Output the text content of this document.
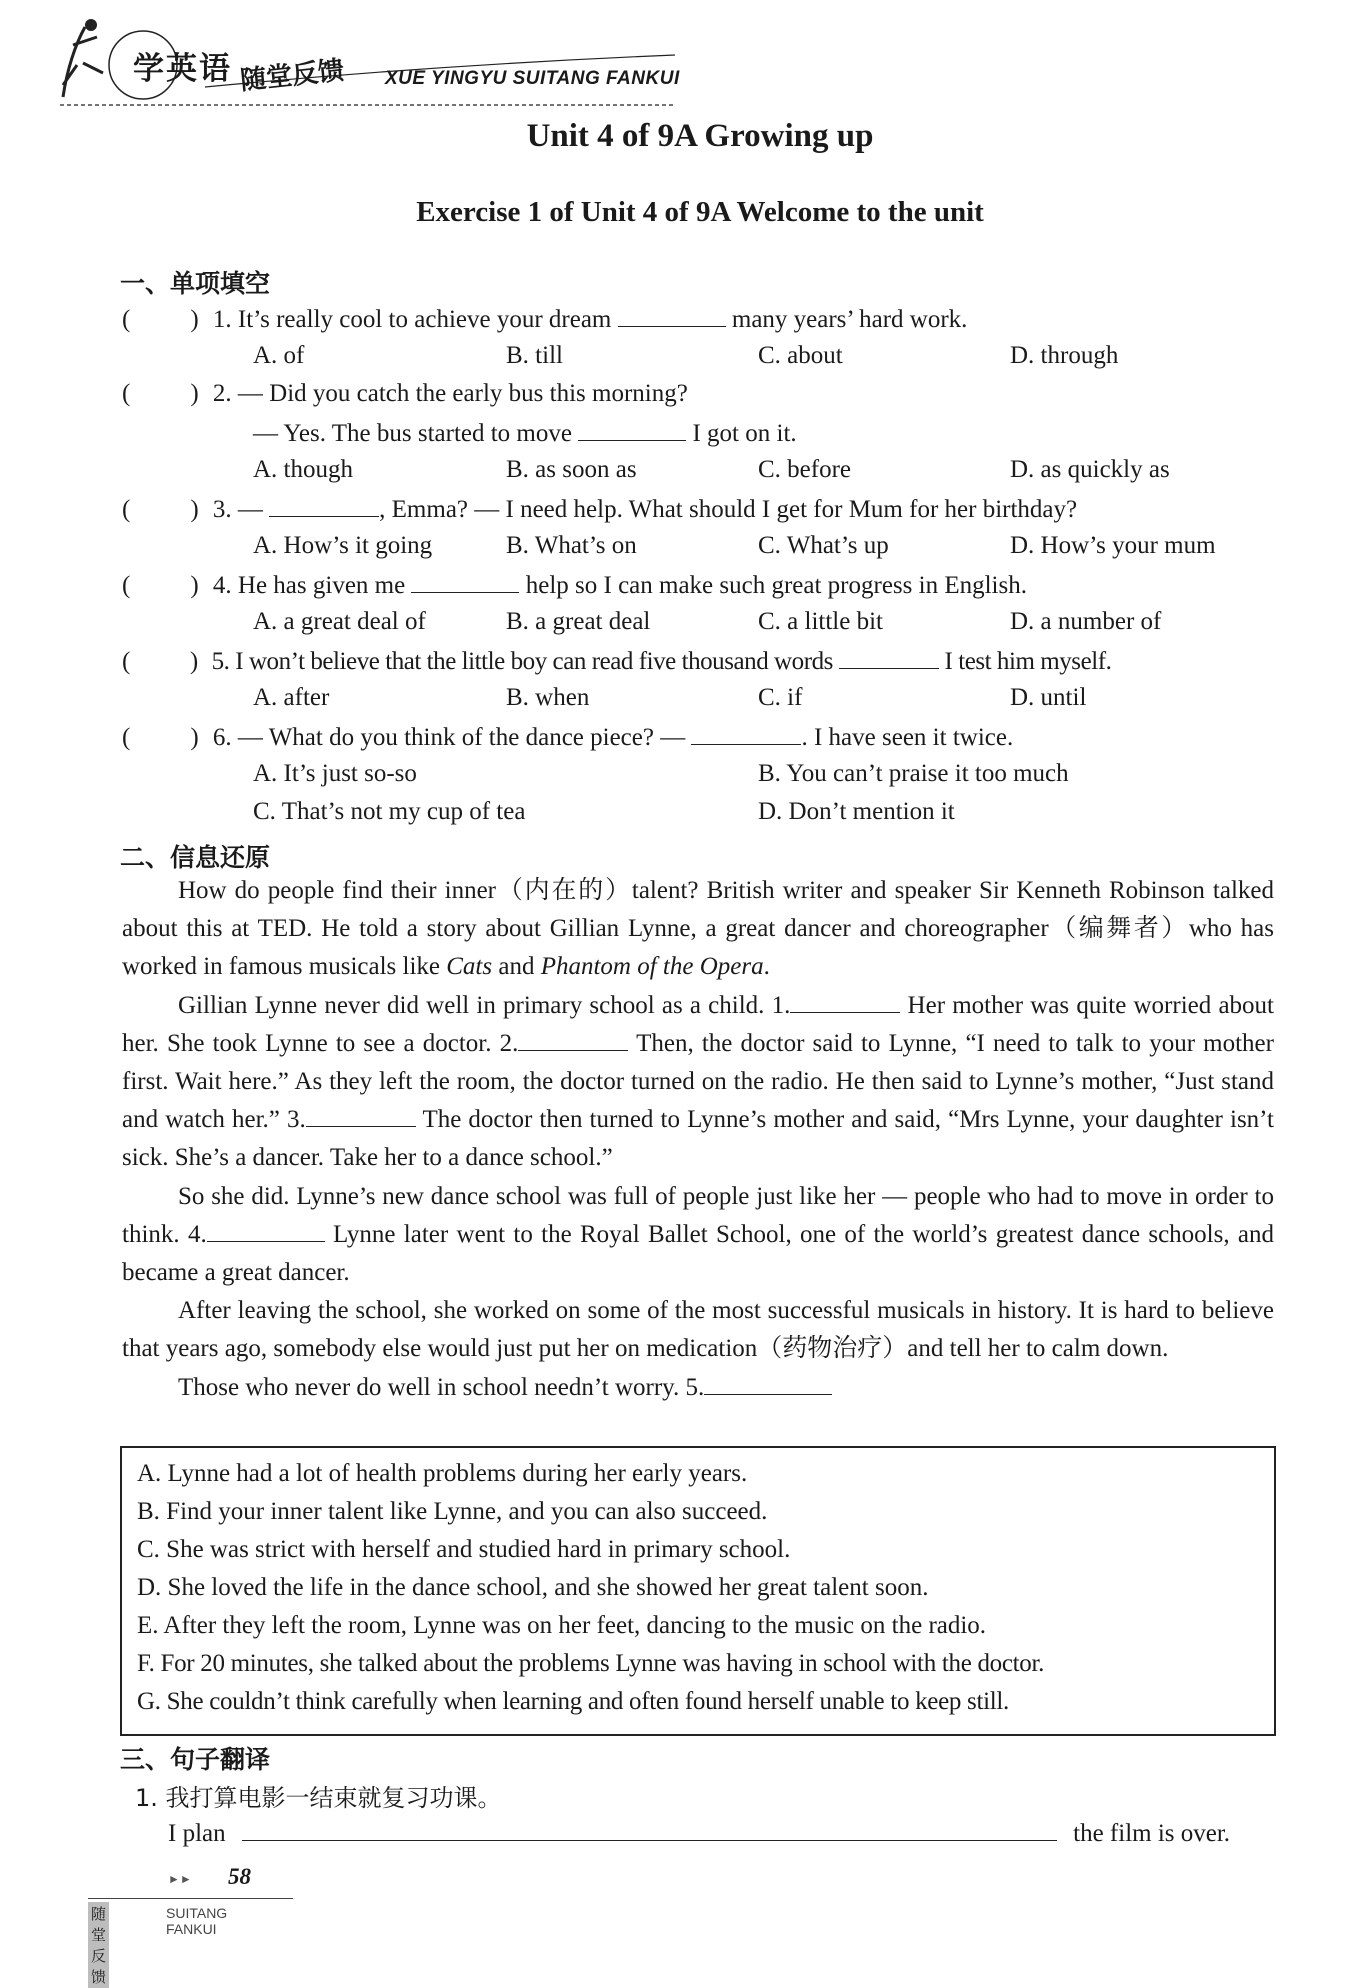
学英语 随堂反馈 XUE YINGYU SUITANG FANKUI
Unit 4 of 9A Growing up
Exercise 1 of Unit 4 of 9A Welcome to the unit
一、单项填空
( ) 1. It’s really cool to achieve your dream	many years’ hard work.
A. of	B. till	C. about	D. through
( ) 2. — Did you catch the early bus this morning?
— Yes. The bus started to move	I got on it.
A. though	B. as soon as	C. before	D. as quickly as
( ) 3. —	, Emma? — I need help. What should I get for Mum for her birthday?
A. How’s it going	B. What’s on	C. What’s up	D. How’s your mum
( ) 4. He has given me	help so I can make such great progress in English.
A. a great deal of	B. a great deal	C. a little bit	D. a number of
( ) 5. I won’t believe that the little boy can read five thousand words	I test him myself.
A. after	B. when	C. if	D. until
( ) 6. — What do you think of the dance piece? —	. I have seen it twice.
A. It’s just so-so	B. You can’t praise it too much
C. That’s not my cup of tea	D. Don’t mention it
二、信息还原

How do people find their inner（内在的）talent? British writer and speaker Sir Kenneth Robinson talked about this at TED. He told a story about Gillian Lynne, a great dancer and choreographer（编舞者）who has worked in famous musicals like Cats and Phantom of the Opera.

Gillian Lynne never did well in primary school as a child. 1.	Her mother was quite worried about her. She took Lynne to see a doctor. 2.	Then, the doctor said to Lynne, “I need to talk to your mother first. Wait here.” As they left the room, the doctor turned on the radio. He then said to Lynne’s mother, “Just stand and watch her.” 3.	The doctor then turned to Lynne’s mother and said, “Mrs Lynne, your daughter isn’t sick. She’s a dancer. Take her to a dance school.”

So she did. Lynne’s new dance school was full of people just like her — people who had to move in order to think. 4.	Lynne later went to the Royal Ballet School, one of the world’s greatest dance schools, and became a great dancer.

After leaving the school, she worked on some of the most successful musicals in history. It is hard to believe that years ago, somebody else would just put her on medication（药物治疗）and tell her to calm down.

Those who never do well in school needn’t worry. 5.

A. Lynne had a lot of health problems during her early years.
B. Find your inner talent like Lynne, and you can also succeed.
C. She was strict with herself and studied hard in primary school.
D. She loved the life in the dance school, and she showed her great talent soon.
E. After they left the room, Lynne was on her feet, dancing to the music on the radio.
F. For 20 minutes, she talked about the problems Lynne was having in school with the doctor.
G. She couldn’t think carefully when learning and often found herself unable to keep still.
三、句子翻译
1. 我打算电影一结束就复习功课。
I plan	the film is over.
►► 58
随堂反馈
SUITANG FANKUI
